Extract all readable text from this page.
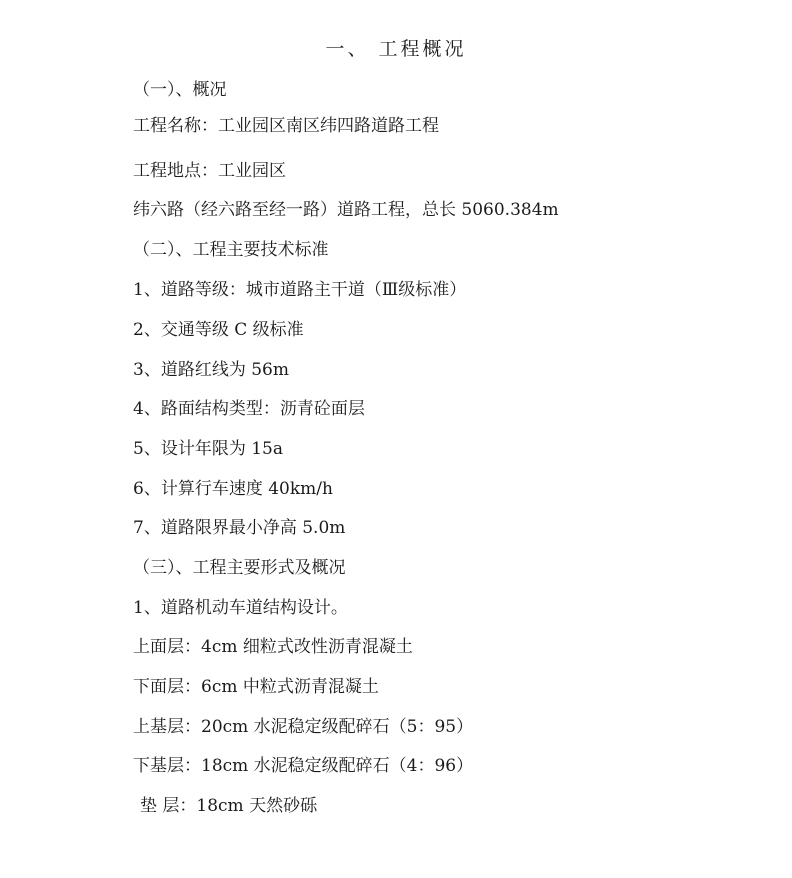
一、 工程概况
（一）、概况
工程名称：工业园区南区纬四路道路工程
工程地点：工业园区
纬六路（经六路至经一路）道路工程，总长 5060.384m
（二）、工程主要技术标准
1、道路等级：城市道路主干道（Ⅲ级标准）
2、交通等级 C 级标准
3、道路红线为 56m
4、路面结构类型：沥青砼面层
5、设计年限为 15a
6、计算行车速度 40km/h
7、道路限界最小净高 5.0m
（三）、工程主要形式及概况
1、道路机动车道结构设计。
上面层：4cm 细粒式改性沥青混凝土
下面层：6cm 中粒式沥青混凝土
上基层：20cm 水泥稳定级配碎石（5：95）
下基层：18cm 水泥稳定级配碎石（4：96）
垫 层：18cm 天然砂砾
